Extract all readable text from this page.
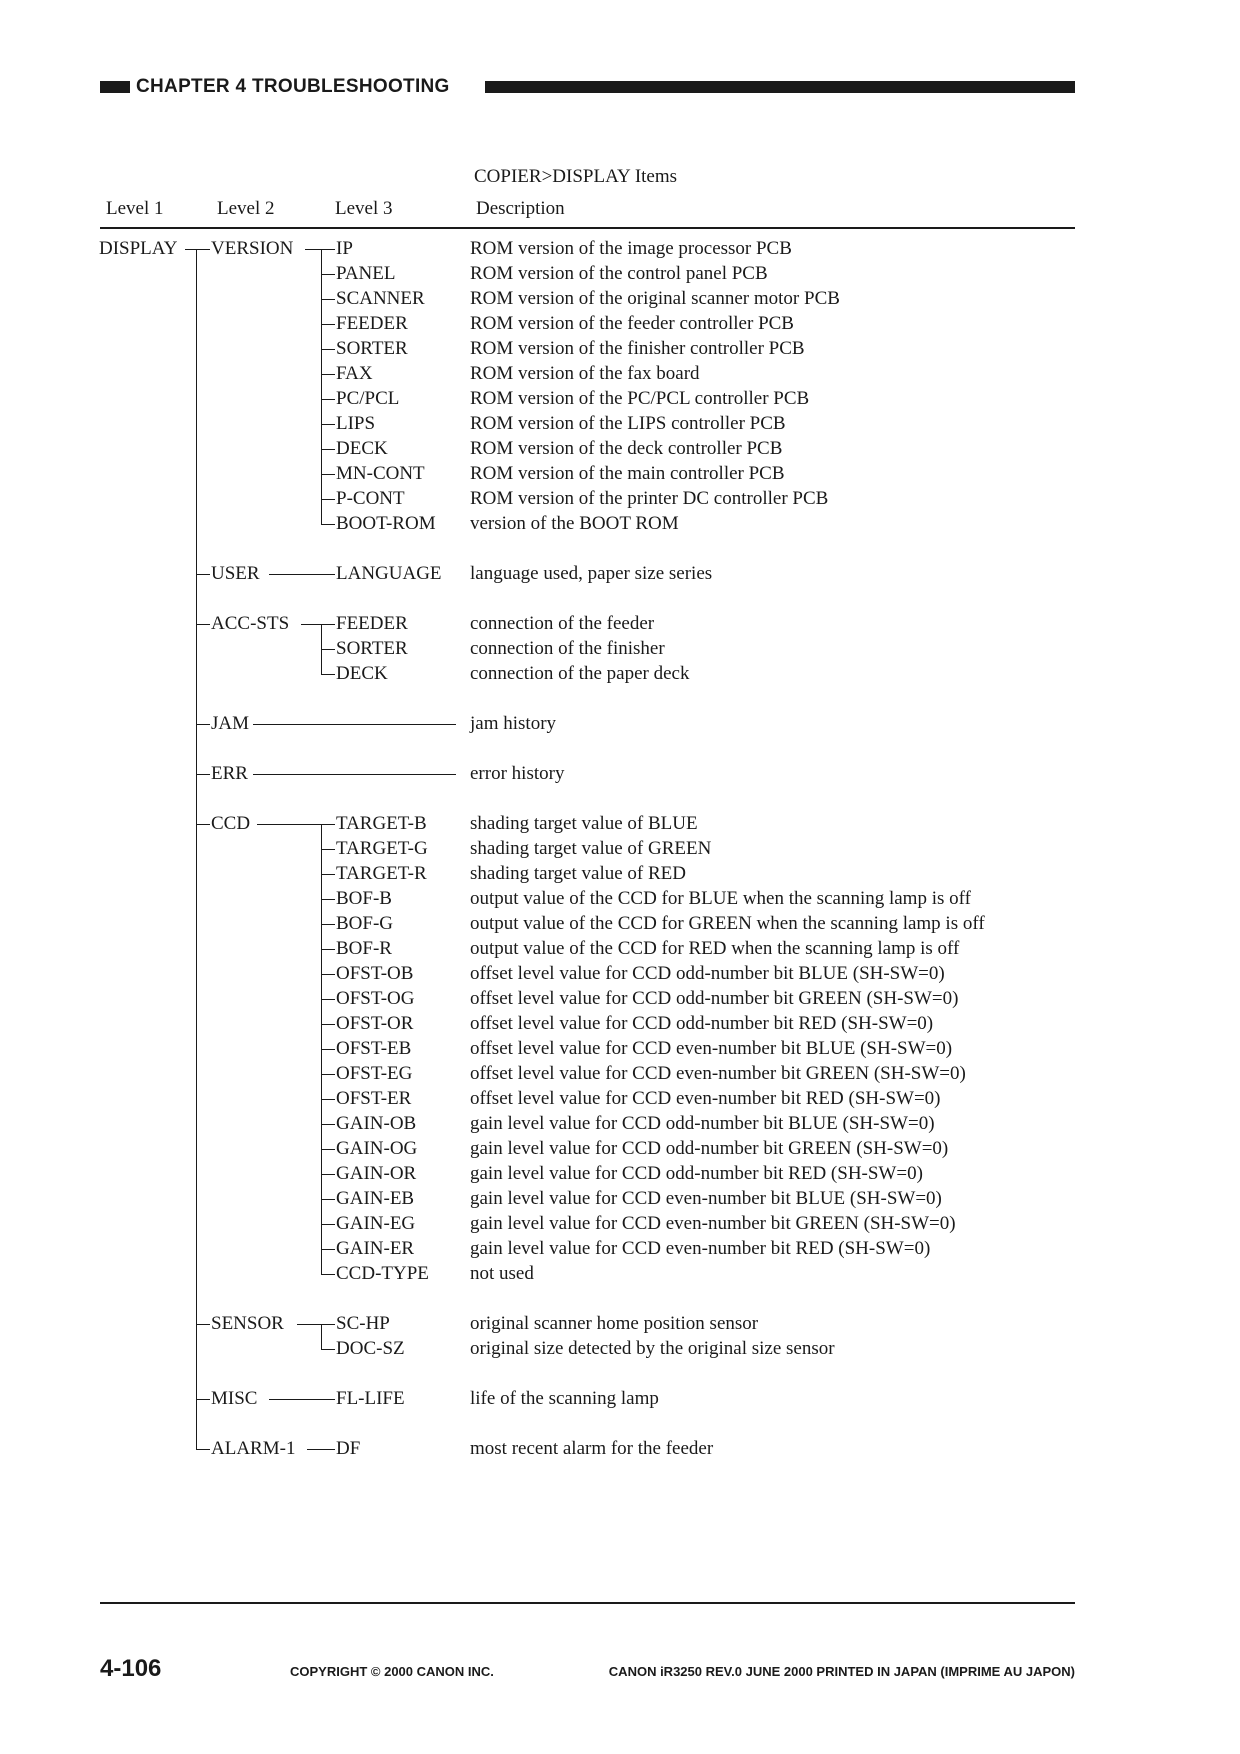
CHAPTER 4 TROUBLESHOOTING
COPIER>DISPLAY Items
Level 1	Level 2	Level 3	Description
DISPLAY VERSION IP	ROM version of the image processor PCB
PANEL	ROM version of the control panel PCB
SCANNER ROM version of the original scanner motor PCB
FEEDER	ROM version of the feeder controller PCB
SORTER	ROM version of the finisher controller PCB
FAX	ROM version of the fax board
PC/PCL	ROM version of the PC/PCL controller PCB
LIPS	ROM version of the LIPS controller PCB
DECK	ROM version of the deck controller PCB
MN-CONT ROM version of the main controller PCB
P-CONT	ROM version of the printer DC controller PCB
BOOT-ROM version of the BOOT ROM
USER	LANGUAGE language used, paper size series
ACC-STS FEEDER	connection of the feeder
SORTER	connection of the finisher
DECK	connection of the paper deck
JAM	jam history
ERR	error history
CCD	TARGET-B shading target value of BLUE
TARGET-G shading target value of GREEN
TARGET-R shading target value of RED
BOF-B	output value of the CCD for BLUE when the scanning lamp is off
BOF-G	output value of the CCD for GREEN when the scanning lamp is off
BOF-R	output value of the CCD for RED when the scanning lamp is off
OFST-OB	offset level value for CCD odd-number bit BLUE (SH-SW=0)
OFST-OG	offset level value for CCD odd-number bit GREEN (SH-SW=0)
OFST-OR	offset level value for CCD odd-number bit RED (SH-SW=0)
OFST-EB	offset level value for CCD even-number bit BLUE (SH-SW=0)
OFST-EG	offset level value for CCD even-number bit GREEN (SH-SW=0)
OFST-ER	offset level value for CCD even-number bit RED (SH-SW=0)
GAIN-OB	gain level value for CCD odd-number bit BLUE (SH-SW=0)
GAIN-OG	gain level value for CCD odd-number bit GREEN (SH-SW=0)
GAIN-OR	gain level value for CCD odd-number bit RED (SH-SW=0)
GAIN-EB	gain level value for CCD even-number bit BLUE (SH-SW=0)
GAIN-EG	gain level value for CCD even-number bit GREEN (SH-SW=0)
GAIN-ER	gain level value for CCD even-number bit RED (SH-SW=0)
CCD-TYPE not used
SENSOR	SC-HP	original scanner home position sensor
DOC-SZ	original size detected by the original size sensor
MISC	FL-LIFE	life of the scanning lamp
ALARM-1 DF	most recent alarm for the feeder
4-106	COPYRIGHT © 2000 CANON INC.	CANON iR3250 REV.0 JUNE 2000 PRINTED IN JAPAN (IMPRIME AU JAPON)
